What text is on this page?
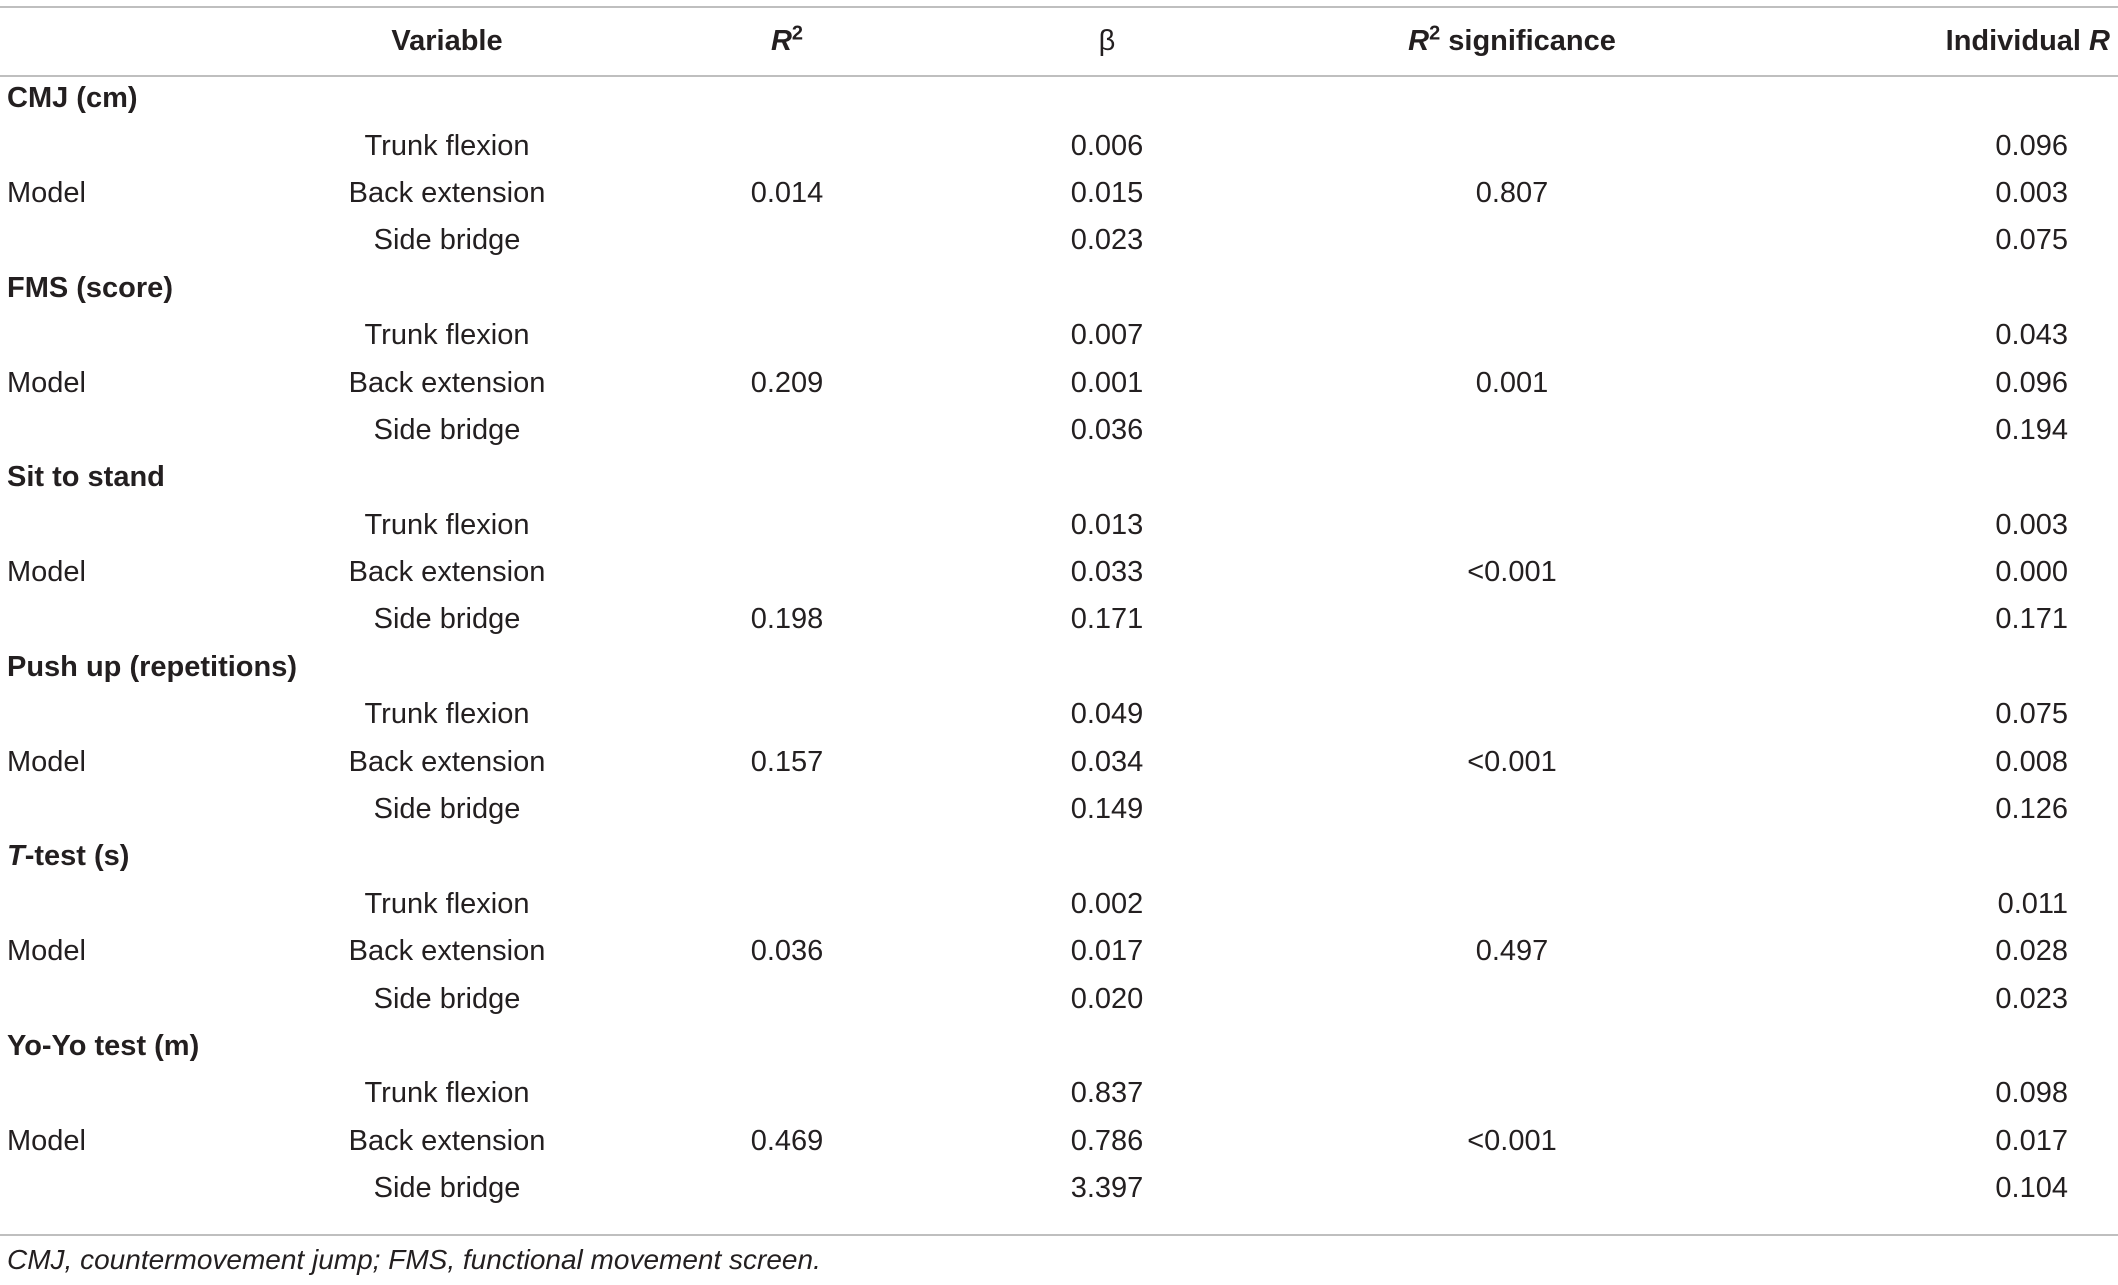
	Variable	$R^2$	β	$R^2$ significance	Individual R
CMJ (cm)					
	Trunk flexion		0.006		0.096
Model	Back extension	0.014	0.015	0.807	0.003
	Side bridge		0.023		0.075
FMS (score)					
	Trunk flexion		0.007		0.043
Model	Back extension	0.209	0.001	0.001	0.096
	Side bridge		0.036		0.194
Sit to stand					
	Trunk flexion		0.013		0.003
Model	Back extension		0.033	<0.001	0.000
	Side bridge	0.198	0.171		0.171
Push up (repetitions)					
	Trunk flexion		0.049		0.075
Model	Back extension	0.157	0.034	<0.001	0.008
	Side bridge		0.149		0.126
T-test (s)					
	Trunk flexion		0.002		0.011
Model	Back extension	0.036	0.017	0.497	0.028
	Side bridge		0.020		0.023
Yo-Yo test (m)					
	Trunk flexion		0.837		0.098
Model	Back extension	0.469	0.786	<0.001	0.017
	Side bridge		3.397		0.104
CMJ, countermovement jump; FMS, functional movement screen.
